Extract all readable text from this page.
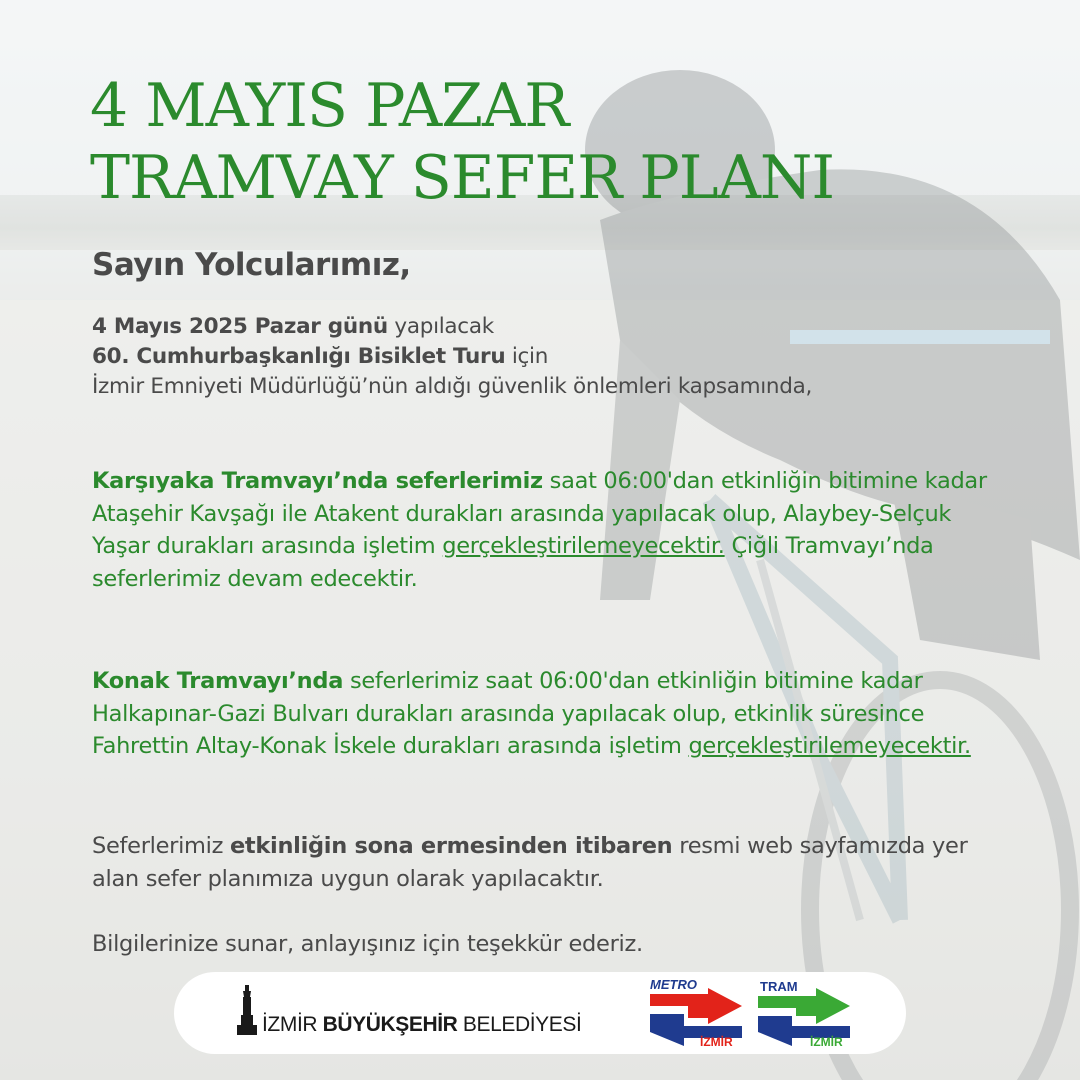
4 MAYIS PAZAR
TRAMVAY SEFER PLANI

Sayın Yolcularımız,

4 Mayıs 2025 Pazar günü yapılacak
60. Cumhurbaşkanlığı Bisiklet Turu için
İzmir Emniyeti Müdürlüğü’nün aldığı güvenlik önlemleri kapsamında,

Karşıyaka Tramvayı’nda seferlerimiz saat 06:00'dan etkinliğin bitimine kadar Ataşehir Kavşağı ile Atakent durakları arasında yapılacak olup, Alaybey-Selçuk Yaşar durakları arasında işletim gerçekleştirilemeyecektir. Çiğli Tramvayı’nda seferlerimiz devam edecektir.

Konak Tramvayı’nda seferlerimiz saat 06:00'dan etkinliğin bitimine kadar Halkapınar-Gazi Bulvarı durakları arasında yapılacak olup, etkinlik süresince Fahrettin Altay-Konak İskele durakları arasında işletim gerçekleştirilemeyecektir.

Seferlerimiz etkinliğin sona ermesinden itibaren resmi web sayfamızda yer alan sefer planımıza uygun olarak yapılacaktır.

Bilgilerinize sunar, anlayışınız için teşekkür ederiz.

İZMİR BÜYÜKŞEHİR BELEDİYESİ

METRO
İZMİR
TRAM
İZMİR
